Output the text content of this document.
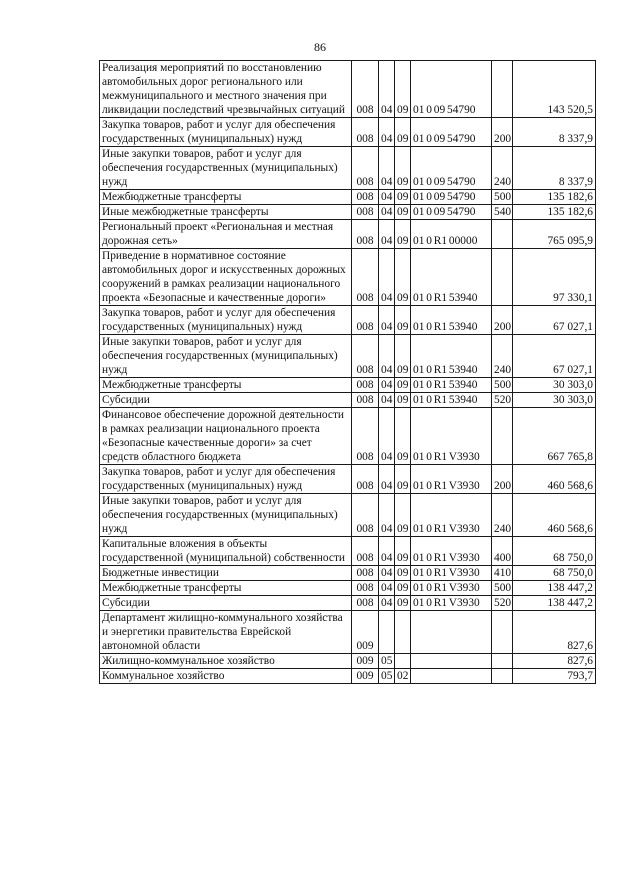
86
Реализация мероприятий по восстановлению автомобильных дорог регионального или межмуниципального и местного значения при ликвидации последствий чрезвычайных ситуаций	008	04	09	01 0 09 54790		143 520,5
Закупка товаров, работ и услуг для обеспечения государственных (муниципальных) нужд	008	04	09	01 0 09 54790	200	8 337,9
Иные закупки товаров, работ и услуг для обеспечения государственных (муниципальных) нужд	008	04	09	01 0 09 54790	240	8 337,9
Межбюджетные трансферты	008	04	09	01 0 09 54790	500	135 182,6
Иные межбюджетные трансферты	008	04	09	01 0 09 54790	540	135 182,6
Региональный проект «Региональная и местная дорожная сеть»	008	04	09	01 0 R1 00000		765 095,9
Приведение в нормативное состояние автомобильных дорог и искусственных дорожных сооружений в рамках реализации национального проекта «Безопасные и качественные дороги»	008	04	09	01 0 R1 53940		97 330,1
Закупка товаров, работ и услуг для обеспечения государственных (муниципальных) нужд	008	04	09	01 0 R1 53940	200	67 027,1
Иные закупки товаров, работ и услуг для обеспечения государственных (муниципальных) нужд	008	04	09	01 0 R1 53940	240	67 027,1
Межбюджетные трансферты	008	04	09	01 0 R1 53940	500	30 303,0
Субсидии	008	04	09	01 0 R1 53940	520	30 303,0
Финансовое обеспечение дорожной деятельности в рамках реализации национального проекта «Безопасные качественные дороги» за счет средств областного бюджета	008	04	09	01 0 R1 V3930		667 765,8
Закупка товаров, работ и услуг для обеспечения государственных (муниципальных) нужд	008	04	09	01 0 R1 V3930	200	460 568,6
Иные закупки товаров, работ и услуг для обеспечения государственных (муниципальных) нужд	008	04	09	01 0 R1 V3930	240	460 568,6
Капитальные вложения в объекты государственной (муниципальной) собственности	008	04	09	01 0 R1 V3930	400	68 750,0
Бюджетные инвестиции	008	04	09	01 0 R1 V3930	410	68 750,0
Межбюджетные трансферты	008	04	09	01 0 R1 V3930	500	138 447,2
Субсидии	008	04	09	01 0 R1 V3930	520	138 447,2
Департамент жилищно-коммунального хозяйства и энергетики правительства Еврейской автономной области	009					827,6
Жилищно-коммунальное хозяйство	009	05				827,6
Коммунальное хозяйство	009	05	02			793,7
